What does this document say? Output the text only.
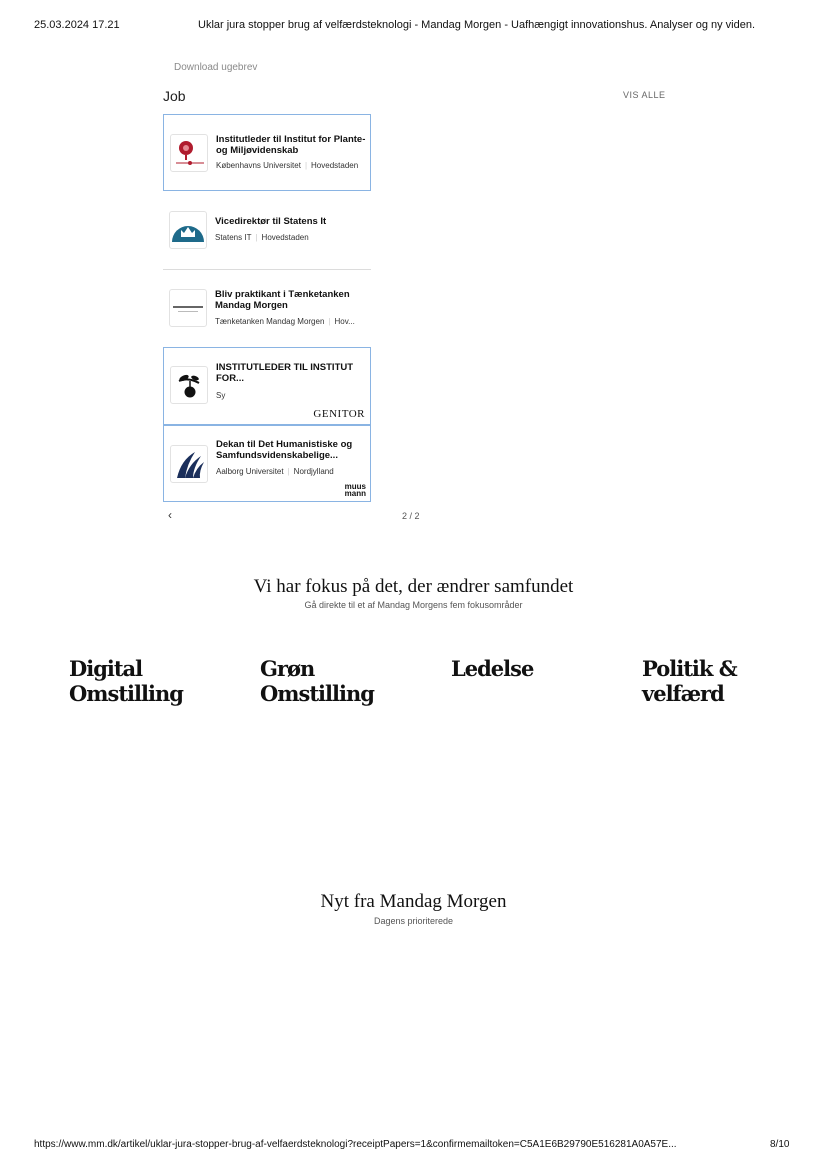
25.03.2024 17.21	Uklar jura stopper brug af velfærdsteknologi - Mandag Morgen - Uafhængigt innovationshus. Analyser og ny viden.
Download ugebrev
Job	VIS ALLE
Institutleder til Institut for Plante- og Miljøvidenskab
Københavns Universitet | Hovedstaden
Vicedirektør til Statens It
Statens IT | Hovedstaden
Bliv praktikant i Tænketanken Mandag Morgen
Tænketanken Mandag Morgen | Hov...
INSTITUTLEDER TIL INSTITUT FOR...
Sy
GENITOR
Dekan til Det Humanistiske og Samfundsvidenskabelige...
Aalborg Universitet | Nordjylland
muus
mann
‹	2 / 2
Vi har fokus på det, der ændrer samfundet
Gå direkte til et af Mandag Morgens fem fokusområder
Digital
Omstilling
Grøn
Omstilling
Ledelse	Politik &
velfærd
Nyt fra Mandag Morgen
Dagens prioriterede
https://www.mm.dk/artikel/uklar-jura-stopper-brug-af-velfaerdsteknologi?receiptPapers=1&confirmemailtoken=C5A1E6B29790E516281A0A57E...	8/10
